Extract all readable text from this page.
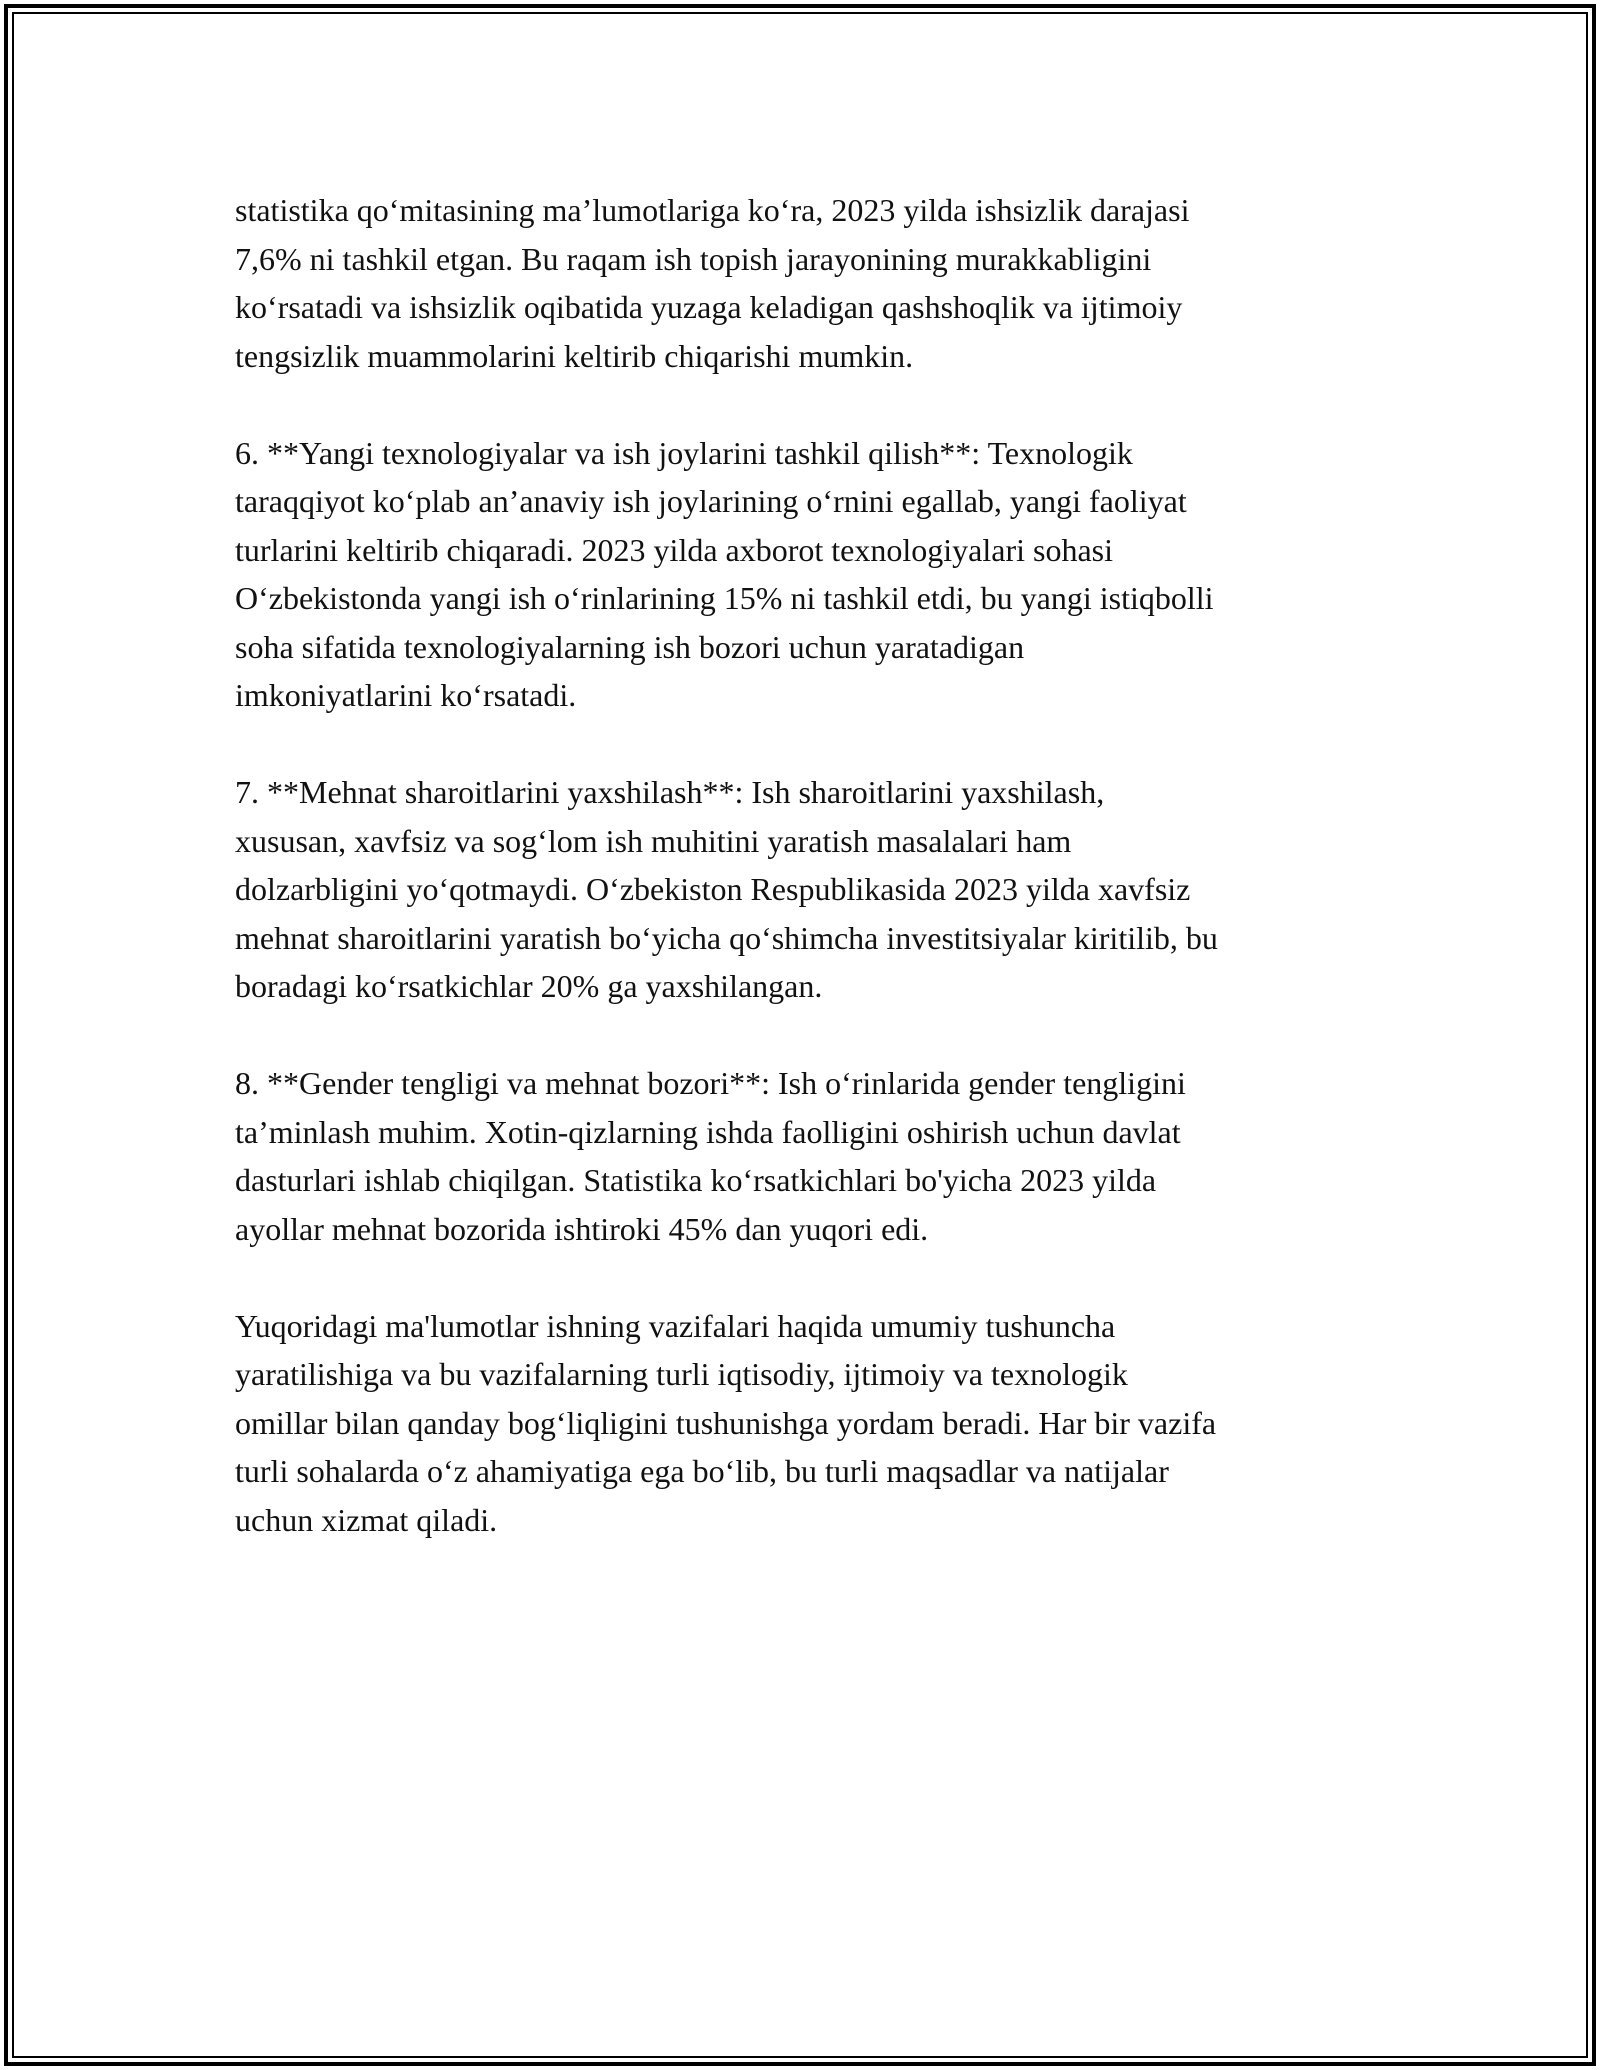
statistika qo‘mitasining ma’lumotlariga ko‘ra, 2023 yilda ishsizlik darajasi
7,6% ni tashkil etgan. Bu raqam ish topish jarayonining murakkabligini
ko‘rsatadi va ishsizlik oqibatida yuzaga keladigan qashshoqlik va ijtimoiy
tengsizlik muammolarini keltirib chiqarishi mumkin.

6. **Yangi texnologiyalar va ish joylarini tashkil qilish**: Texnologik
taraqqiyot ko‘plab an’anaviy ish joylarining o‘rnini egallab, yangi faoliyat
turlarini keltirib chiqaradi. 2023 yilda axborot texnologiyalari sohasi
O‘zbekistonda yangi ish o‘rinlarining 15% ni tashkil etdi, bu yangi istiqbolli
soha sifatida texnologiyalarning ish bozori uchun yaratadigan
imkoniyatlarini ko‘rsatadi.

7. **Mehnat sharoitlarini yaxshilash**: Ish sharoitlarini yaxshilash,
xususan, xavfsiz va sog‘lom ish muhitini yaratish masalalari ham
dolzarbligini yo‘qotmaydi. O‘zbekiston Respublikasida 2023 yilda xavfsiz
mehnat sharoitlarini yaratish bo‘yicha qo‘shimcha investitsiyalar kiritilib, bu
boradagi ko‘rsatkichlar 20% ga yaxshilangan.

8. **Gender tengligi va mehnat bozori**: Ish o‘rinlarida gender tengligini
ta’minlash muhim. Xotin-qizlarning ishda faolligini oshirish uchun davlat
dasturlari ishlab chiqilgan. Statistika ko‘rsatkichlari bo'yicha 2023 yilda
ayollar mehnat bozorida ishtiroki 45% dan yuqori edi.

Yuqoridagi ma'lumotlar ishning vazifalari haqida umumiy tushuncha
yaratilishiga va bu vazifalarning turli iqtisodiy, ijtimoiy va texnologik
omillar bilan qanday bog‘liqligini tushunishga yordam beradi. Har bir vazifa
turli sohalarda o‘z ahamiyatiga ega bo‘lib, bu turli maqsadlar va natijalar
uchun xizmat qiladi.
